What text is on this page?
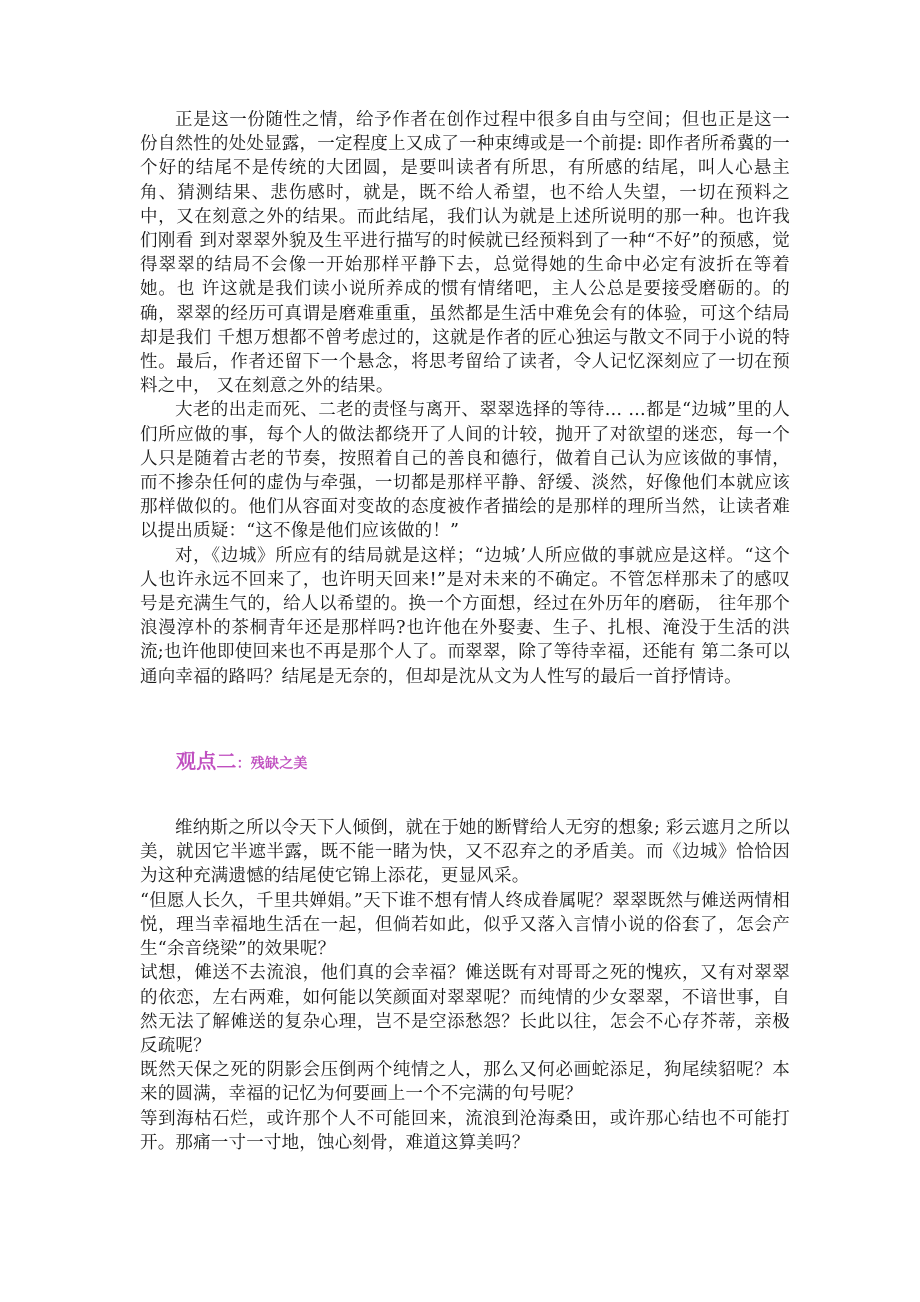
正是这一份随性之情，给予作者在创作过程中很多自由与空间；但也正是这一份自然性的处处显露，一定程度上又成了一种束缚或是一个前提: 即作者所希冀的一个好的结尾不是传统的大团圆，是要叫读者有所思，有所感的结尾，叫人心悬主角、猜测结果、悲伤感时，就是，既不给人希望，也不给人失望，一切在预料之中，又在刻意之外的结果。而此结尾，我们认为就是上述所说明的那一种。也许我们刚看 到对翠翠外貌及生平进行描写的时候就已经预料到了一种“不好”的预感，觉得翠翠的结局不会像一开始那样平静下去，总觉得她的生命中必定有波折在等着她。也 许这就是我们读小说所养成的惯有情绪吧，主人公总是要接受磨砺的。的确，翠翠的经历可真谓是磨难重重，虽然都是生活中难免会有的体验，可这个结局却是我们 千想万想都不曾考虑过的，这就是作者的匠心独运与散文不同于小说的特性。最后，作者还留下一个悬念，将思考留给了读者，令人记忆深刻应了一切在预料之中， 又在刻意之外的结果。

大老的出走而死、二老的责怪与离开、翠翠选择的等待… …都是“边城”里的人们所应做的事，每个人的做法都绕开了人间的计较，抛开了对欲望的迷恋，每一个人只是随着古老的节奏，按照着自己的善良和德行，做着自己认为应该做的事情，而不掺杂任何的虚伪与牵强，一切都是那样平静、舒缓、淡然，好像他们本就应该那样做似的。他们从容面对变故的态度被作者描绘的是那样的理所当然，让读者难以提出质疑：“这不像是他们应该做的！”

对，《边城》所应有的结局就是这样；“边城’人所应做的事就应是这样。“这个人也许永远不回来了，也许明天回来!”是对未来的不确定。不管怎样那未了的感叹号是充满生气的，给人以希望的。换一个方面想，经过在外历年的磨砺， 往年那个浪漫淳朴的茶桐青年还是那样吗?也许他在外娶妻、生子、扎根、淹没于生活的洪流;也许他即使回来也不再是那个人了。而翠翠，除了等待幸福，还能有 第二条可以通向幸福的路吗？结尾是无奈的，但却是沈从文为人性写的最后一首抒情诗。

观点二：残缺之美

维纳斯之所以令天下人倾倒，就在于她的断臂给人无穷的想象; 彩云遮月之所以美，就因它半遮半露，既不能一睹为快，又不忍弃之的矛盾美。而《边城》恰恰因为这种充满遗憾的结尾使它锦上添花，更显风采。

“但愿人长久，千里共婵娟。”天下谁不想有情人终成眷属呢？翠翠既然与傩送两情相悦，理当幸福地生活在一起，但倘若如此，似乎又落入言情小说的俗套了，怎会产生“余音绕梁”的效果呢？

试想，傩送不去流浪，他们真的会幸福？傩送既有对哥哥之死的愧疚，又有对翠翠的依恋，左右两难，如何能以笑颜面对翠翠呢？而纯情的少女翠翠，不谙世事，自然无法了解傩送的复杂心理，岂不是空添愁怨？长此以往，怎会不心存芥蒂，亲极反疏呢？

既然天保之死的阴影会压倒两个纯情之人，那么又何必画蛇添足，狗尾续貂呢？本来的圆满，幸福的记忆为何要画上一个不完满的句号呢？

等到海枯石烂，或许那个人不可能回来，流浪到沧海桑田，或许那心结也不可能打开。那痛一寸一寸地，蚀心刻骨，难道这算美吗？
